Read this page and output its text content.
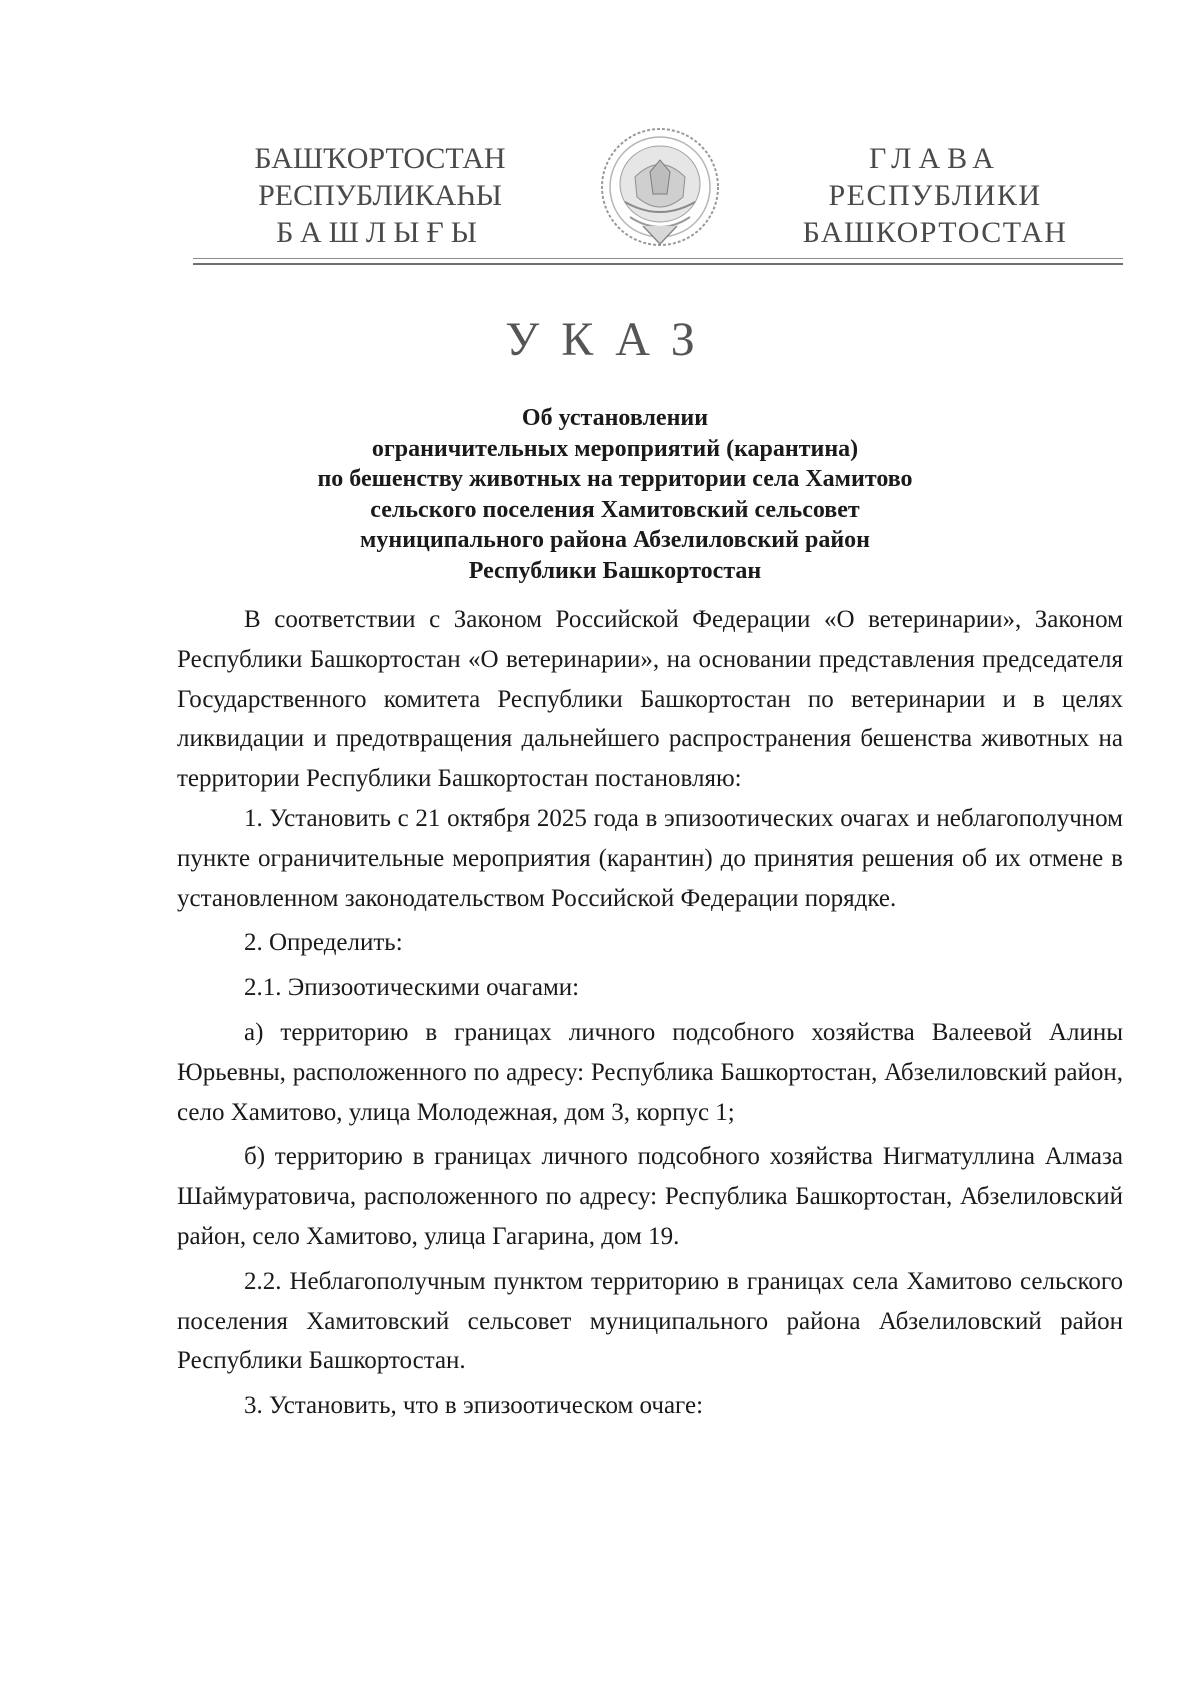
БАШҠОРТОСТАН
РЕСПУБЛИКАҺЫ
БАШЛЫҒЫ
ГЛАВА
РЕСПУБЛИКИ
БАШКОРТОСТАН
УКАЗ
Об установлении
ограничительных мероприятий (карантина)
по бешенству животных на территории села Хамитово
сельского поселения Хамитовский сельсовет
муниципального района Абзелиловский район
Республики Башкортостан

В соответствии с Законом Российской Федерации «О ветеринарии», Законом Республики Башкортостан «О ветеринарии», на основании представления председателя Государственного комитета Республики Башкортостан по ветеринарии и в целях ликвидации и предотвращения дальнейшего распространения бешенства животных на территории Республики Башкортостан постановляю:

1. Установить с 21 октября 2025 года в эпизоотических очагах и неблагополучном пункте ограничительные мероприятия (карантин) до принятия решения об их отмене в установленном законодательством Российской Федерации порядке.

2. Определить:

2.1. Эпизоотическими очагами:

а) территорию в границах личного подсобного хозяйства Валеевой Алины Юрьевны, расположенного по адресу: Республика Башкортостан, Абзелиловский район, село Хамитово, улица Молодежная, дом 3, корпус 1;

б) территорию в границах личного подсобного хозяйства Нигматуллина Алмаза Шаймуратовича, расположенного по адресу: Республика Башкортостан, Абзелиловский район, село Хамитово, улица Гагарина, дом 19.

2.2. Неблагополучным пунктом территорию в границах села Хамитово сельского поселения Хамитовский сельсовет муниципального района Абзелиловский район Республики Башкортостан.

3. Установить, что в эпизоотическом очаге:
